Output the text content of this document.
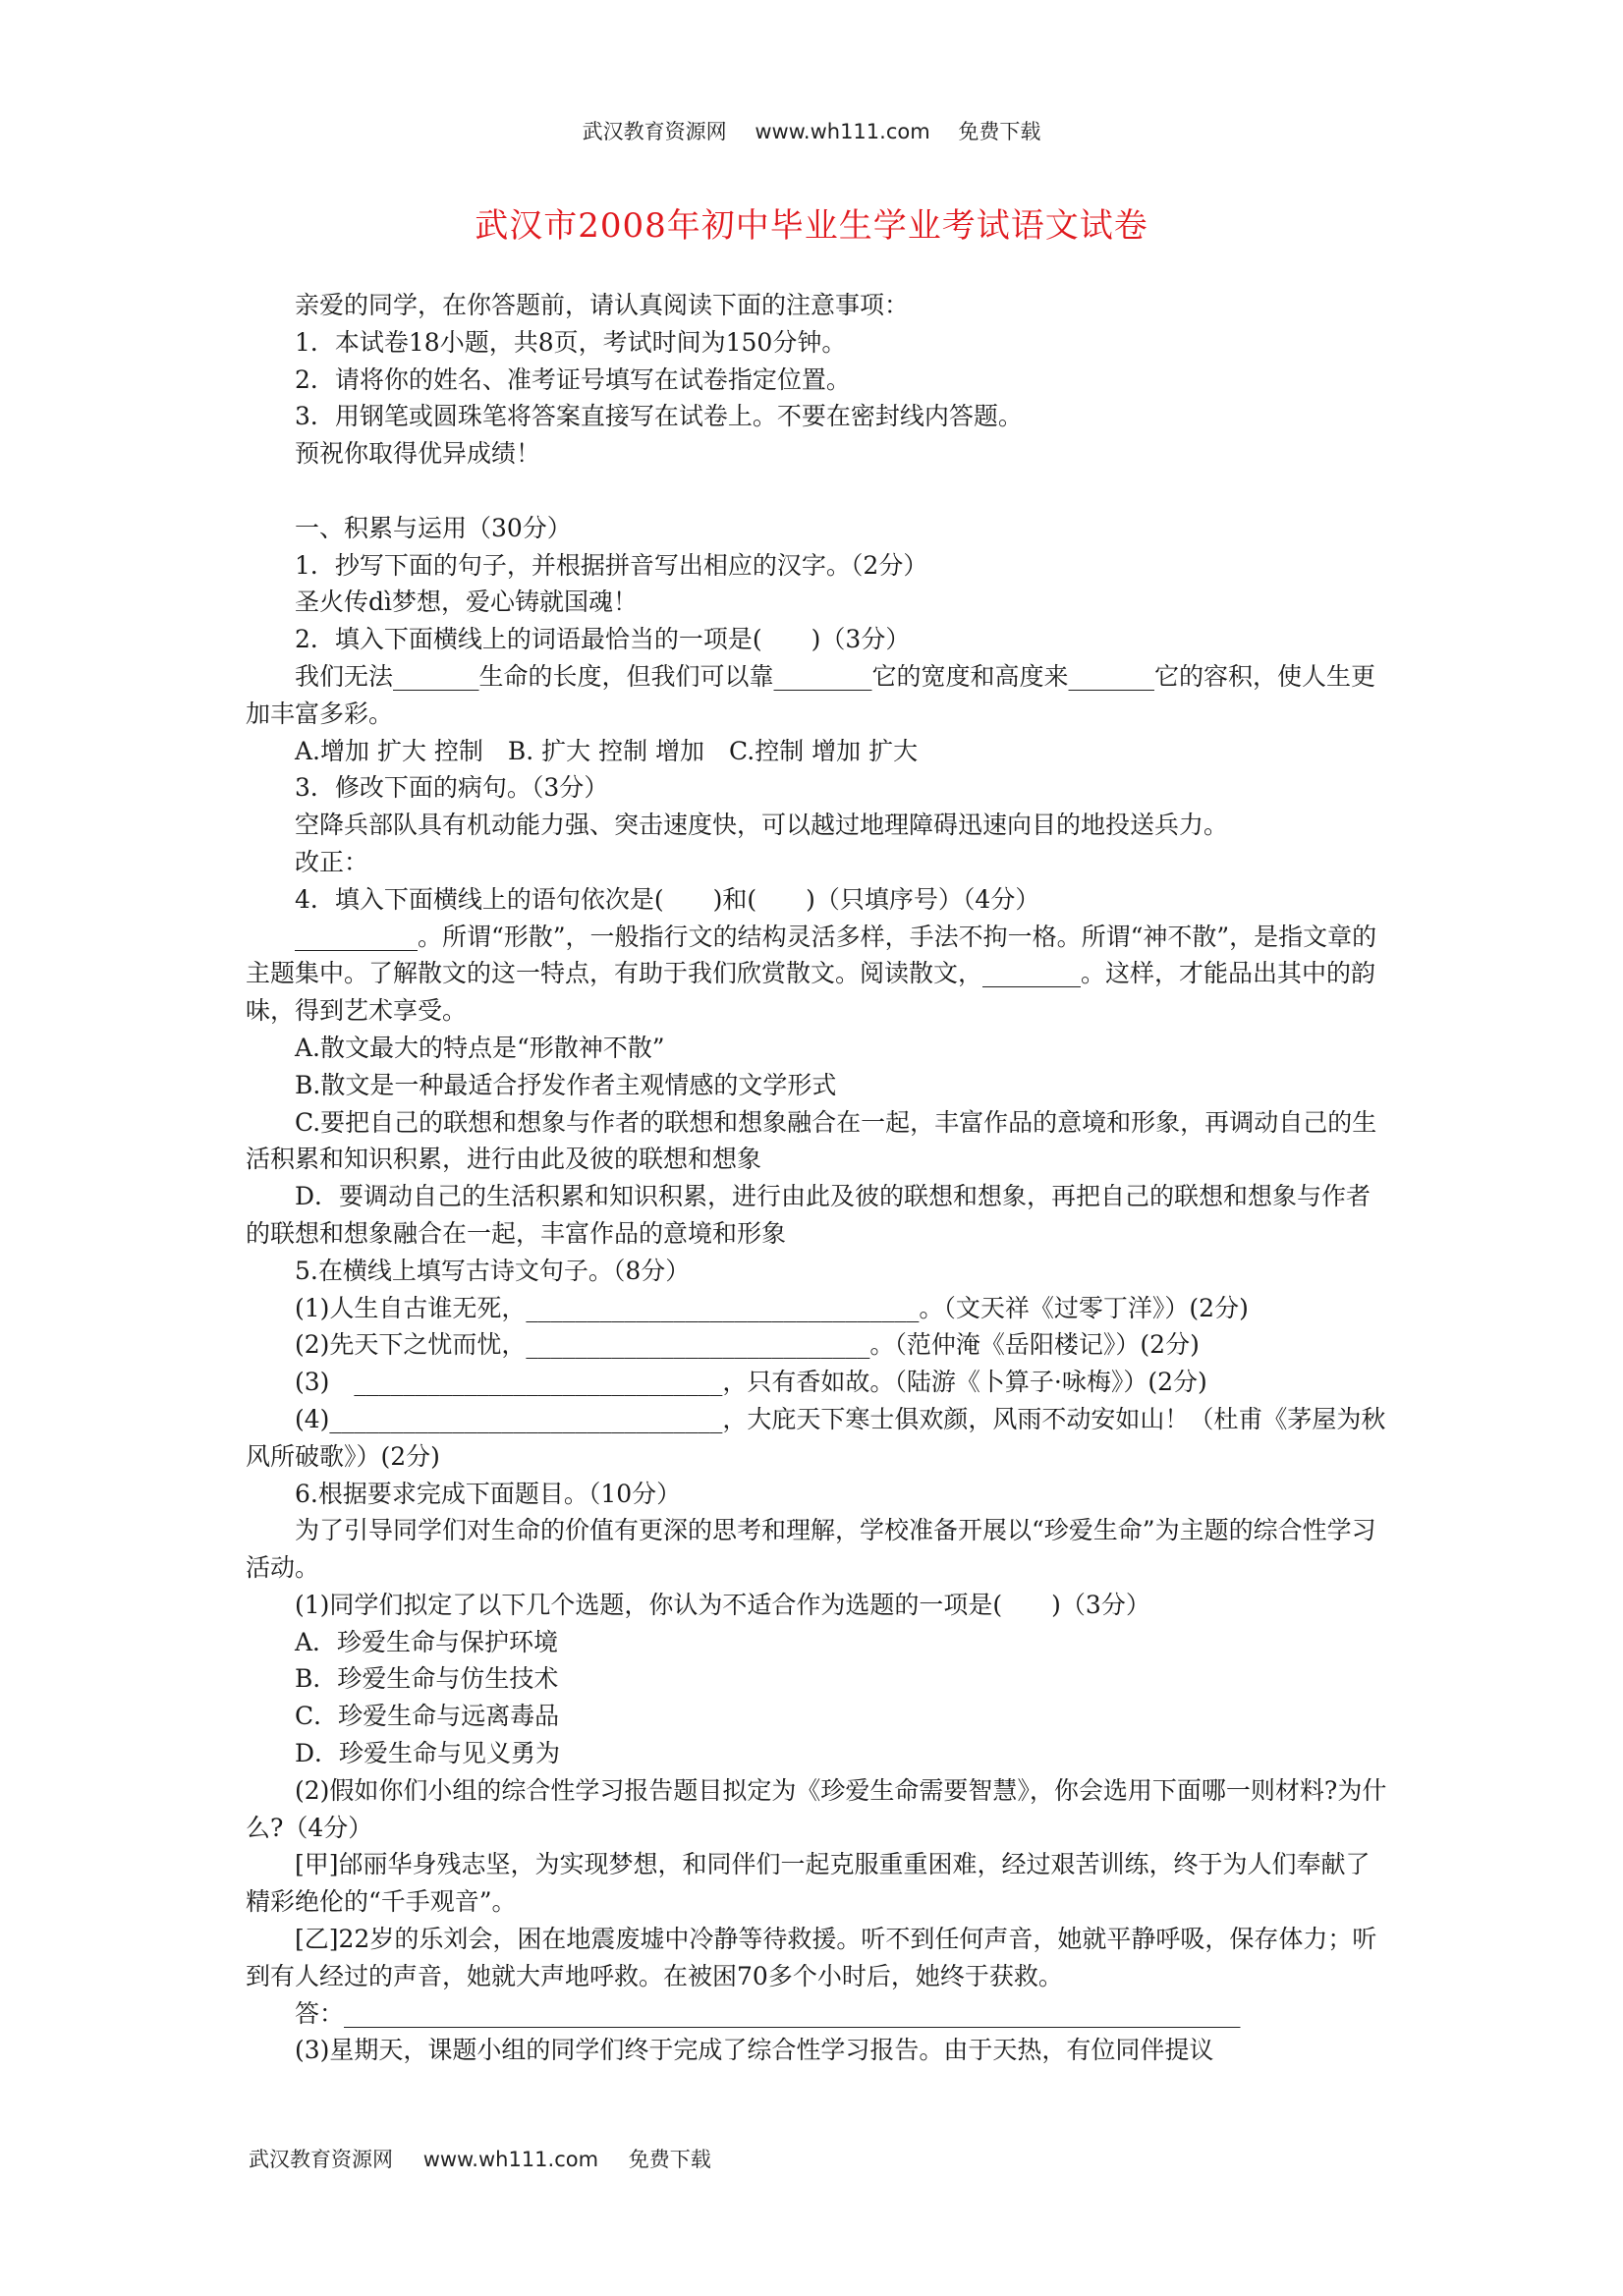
武汉教育资源网 www.wh111.com 免费下载
武汉市2008年初中毕业生学业考试语文试卷

亲爱的同学，在你答题前，请认真阅读下面的注意事项：

1．本试卷18小题，共8页，考试时间为150分钟。

2．请将你的姓名、准考证号填写在试卷指定位置。

3．用钢笔或圆珠笔将答案直接写在试卷上。不要在密封线内答题。

预祝你取得优异成绩！

一、积累与运用（30分）

1．抄写下面的句子，并根据拼音写出相应的汉字。（2分）

圣火传dì梦想，爱心铸就国魂！

2．填入下面横线上的词语最恰当的一项是(　　)（3分）

我们无法_______生命的长度，但我们可以靠________它的宽度和高度来_______它的容积，使人生更加丰富多彩。

A.增加 扩大 控制　B. 扩大 控制 增加　C.控制 增加 扩大

3．修改下面的病句。（3分）

空降兵部队具有机动能力强、突击速度快，可以越过地理障碍迅速向目的地投送兵力。

改正：

4．填入下面横线上的语句依次是(　　)和(　　)（只填序号）（4分）

__________。所谓“形散”，一般指行文的结构灵活多样，手法不拘一格。所谓“神不散”，是指文章的主题集中。了解散文的这一特点，有助于我们欣赏散文。阅读散文，________。这样，才能品出其中的韵味，得到艺术享受。

A.散文最大的特点是“形散神不散”

B.散文是一种最适合抒发作者主观情感的文学形式

C.要把自己的联想和想象与作者的联想和想象融合在一起，丰富作品的意境和形象，再调动自己的生活积累和知识积累，进行由此及彼的联想和想象

D．要调动自己的生活积累和知识积累，进行由此及彼的联想和想象，再把自己的联想和想象与作者的联想和想象融合在一起，丰富作品的意境和形象

5.在横线上填写古诗文句子。（8分）

(1)人生自古谁无死，________________________________。（文天祥《过零丁洋》）(2分)

(2)先天下之忧而忧，____________________________。（范仲淹《岳阳楼记》）(2分)

(3)　______________________________，只有香如故。（陆游《卜算子·咏梅》）(2分)

(4)________________________________，大庇天下寒士俱欢颜，风雨不动安如山！（杜甫《茅屋为秋风所破歌》）(2分)

6.根据要求完成下面题目。（10分）

为了引导同学们对生命的价值有更深的思考和理解，学校准备开展以“珍爱生命”为主题的综合性学习活动。

(1)同学们拟定了以下几个选题，你认为不适合作为选题的一项是(　　)（3分）

A．珍爱生命与保护环境

B．珍爱生命与仿生技术

C．珍爱生命与远离毒品

D．珍爱生命与见义勇为

(2)假如你们小组的综合性学习报告题目拟定为《珍爱生命需要智慧》，你会选用下面哪一则材料?为什么?（4分）

[甲]邰丽华身残志坚，为实现梦想，和同伴们一起克服重重困难，经过艰苦训练，终于为人们奉献了精彩绝伦的“千手观音”。

[乙]22岁的乐刘会，困在地震废墟中冷静等待救援。听不到任何声音，她就平静呼吸，保存体力；听到有人经过的声音，她就大声地呼救。在被困70多个小时后，她终于获救。

答：_________________________________________________________________________

(3)星期天，课题小组的同学们终于完成了综合性学习报告。由于天热，有位同伴提议

武汉教育资源网 www.wh111.com 免费下载
